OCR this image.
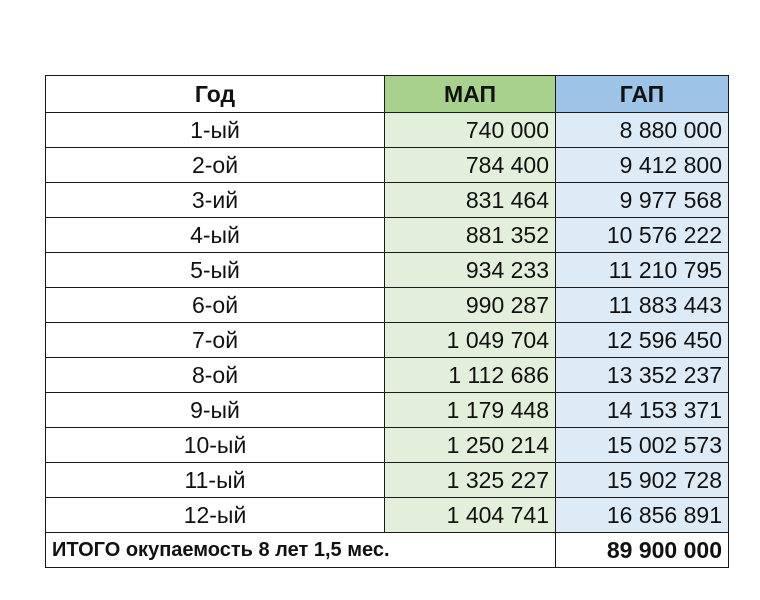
Год	МАП	ГАП
1-ый	740 000	8 880 000
2-ой	784 400	9 412 800
3-ий	831 464	9 977 568
4-ый	881 352	10 576 222
5-ый	934 233	11 210 795
6-ой	990 287	11 883 443
7-ой	1 049 704	12 596 450
8-ой	1 112 686	13 352 237
9-ый	1 179 448	14 153 371
10-ый	1 250 214	15 002 573
11-ый	1 325 227	15 902 728
12-ый	1 404 741	16 856 891
ИТОГО окупаемость 8 лет 1,5 мес.		89 900 000
